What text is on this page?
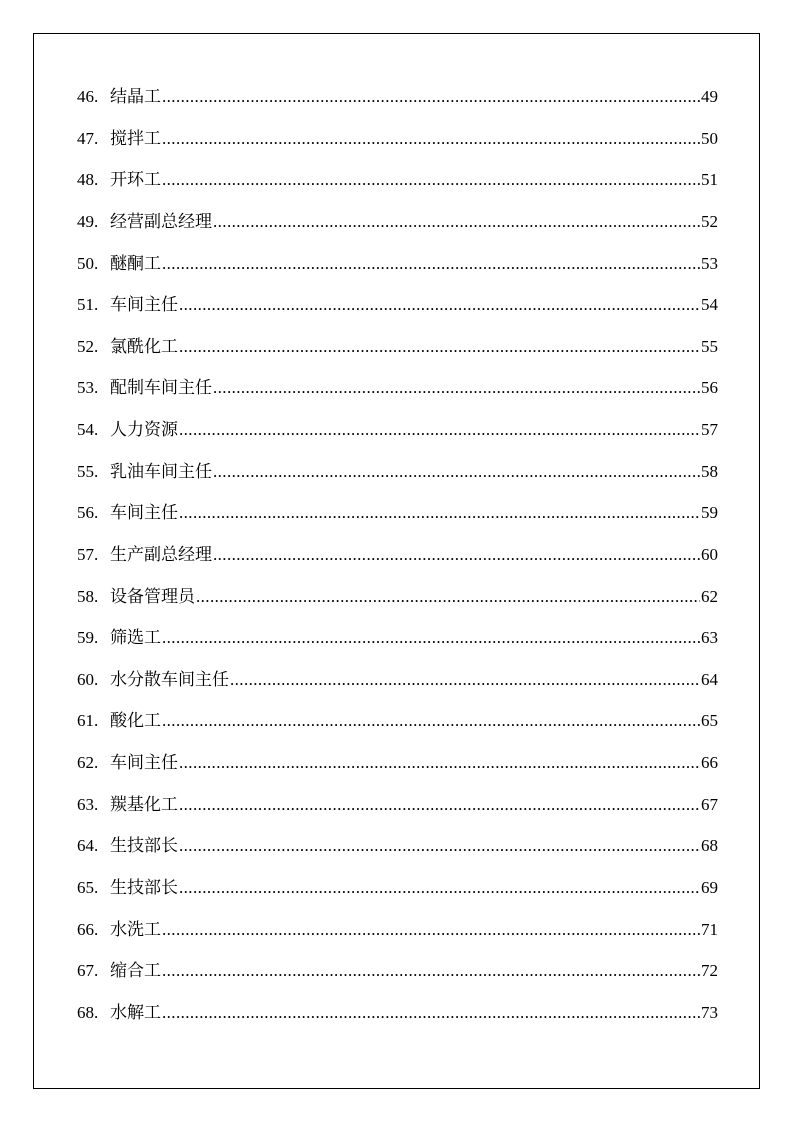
46. 结晶工 .....	49
47. 搅拌工 .....	50
48. 开环工 .....	51
49. 经营副总经理 .....	52
50. 醚酮工 .....	53
51. 车间主任 .....	54
52. 氯酰化工 .....	55
53. 配制车间主任 .....	56
54. 人力资源 .....	57
55. 乳油车间主任 .....	58
56. 车间主任 .....	59
57. 生产副总经理 .....	60
58. 设备管理员 .....	62
59. 筛选工 .....	63
60. 水分散车间主任 .....	64
61. 酸化工 .....	65
62. 车间主任 .....	66
63. 羰基化工 .....	67
64. 生技部长 .....	68
65. 生技部长 .....	69
66. 水洗工 .....	71
67. 缩合工 .....	72
68. 水解工 .....	73
